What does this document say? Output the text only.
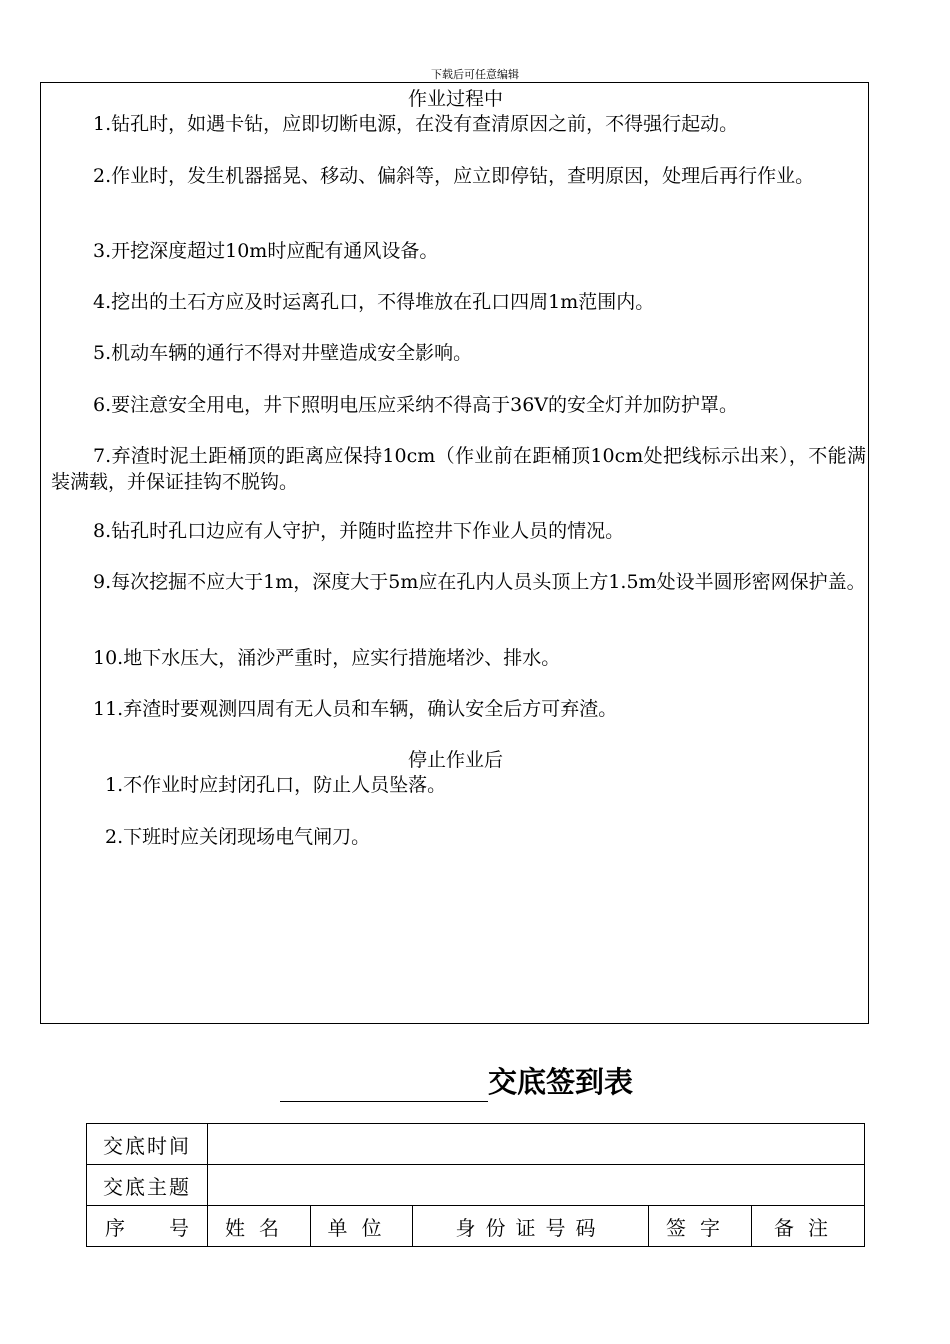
下载后可任意编辑
作业过程中

1.钻孔时，如遇卡钻，应即切断电源，在没有查清原因之前，不得强行起动。

2.作业时，发生机器摇晃、移动、偏斜等，应立即停钻，查明原因，处理后再行作业。

3.开挖深度超过10m时应配有通风设备。

4.挖出的土石方应及时运离孔口，不得堆放在孔口四周1m范围内。

5.机动车辆的通行不得对井壁造成安全影响。

6.要注意安全用电，井下照明电压应采纳不得高于36V的安全灯并加防护罩。

7.弃渣时泥土距桶顶的距离应保持10cm（作业前在距桶顶10cm处把线标示出来），不能满装满载，并保证挂钩不脱钩。

8.钻孔时孔口边应有人守护，并随时监控井下作业人员的情况。

9.每次挖掘不应大于1m，深度大于5m应在孔内人员头顶上方1.5m处设半圆形密网保护盖。

10.地下水压大，涌沙严重时，应实行措施堵沙、排水。

11.弃渣时要观测四周有无人员和车辆，确认安全后方可弃渣。

停止作业后

1.不作业时应封闭孔口，防止人员坠落。

2.下班时应关闭现场电气闸刀。

交底签到表
交底时间					
交底主题					

序 号	姓名	单位	身份证号码	签字	备注
